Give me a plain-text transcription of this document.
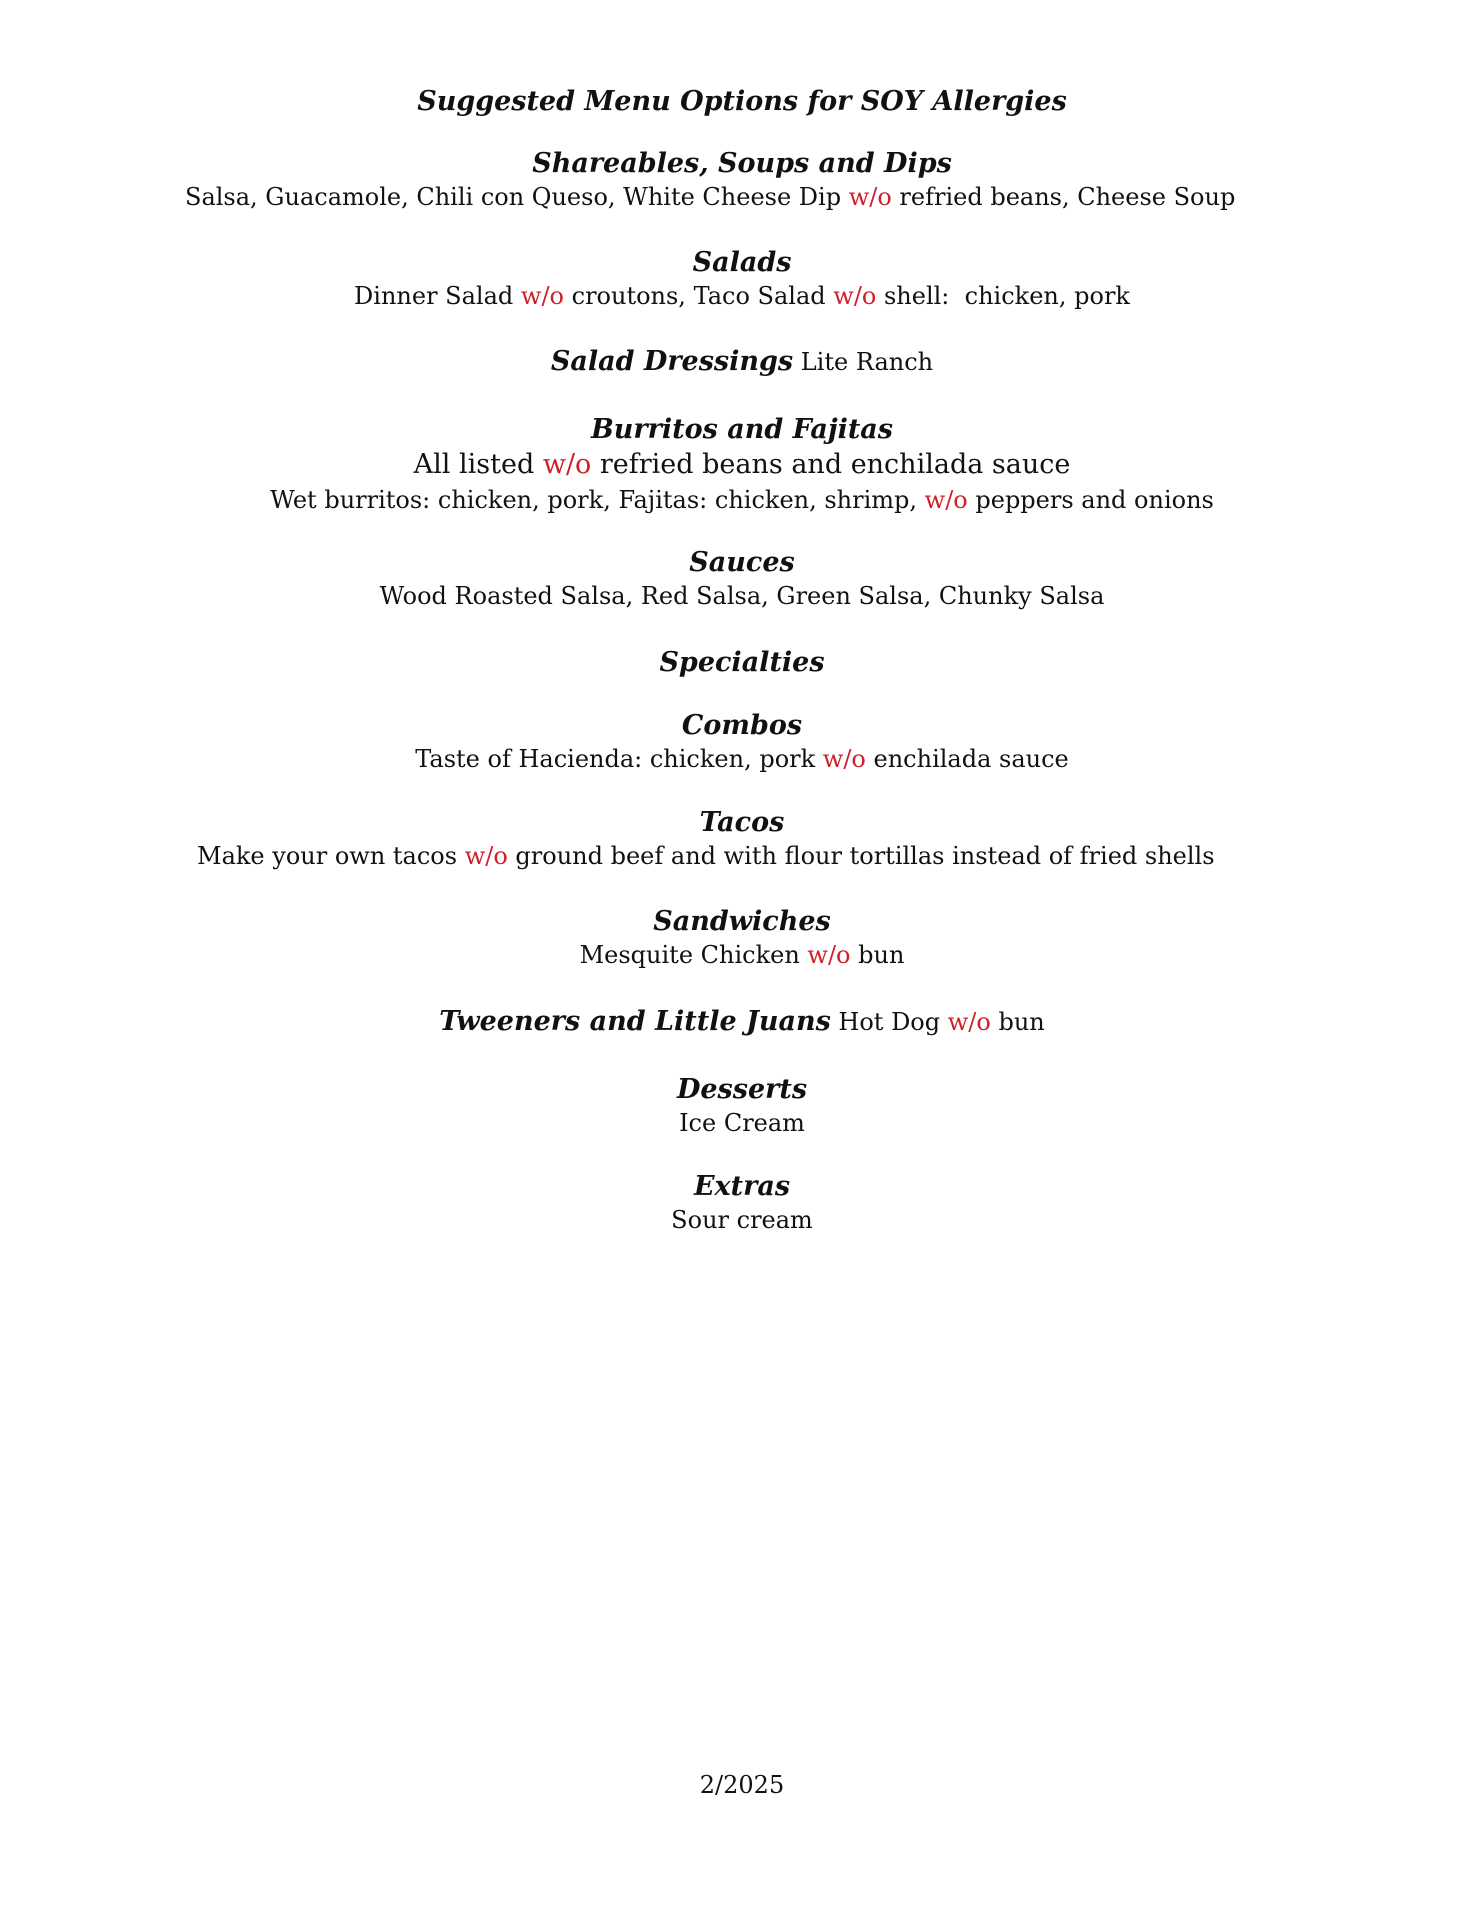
Suggested Menu Options for SOY Allergies
Shareables, Soups and Dips
Salsa, Guacamole, Chili con Queso, White Cheese Dip w/o refried beans, Cheese Soup
Salads
Dinner Salad w/o croutons, Taco Salad w/o shell:  chicken, pork
Salad Dressings Lite Ranch
Burritos and Fajitas
All listed w/o refried beans and enchilada sauce
Wet burritos: chicken, pork, Fajitas: chicken, shrimp, w/o peppers and onions
Sauces
Wood Roasted Salsa, Red Salsa, Green Salsa, Chunky Salsa
Specialties
Combos
Taste of Hacienda: chicken, pork w/o enchilada sauce
Tacos
Make your own tacos w/o ground beef and with flour tortillas instead of fried shells
Sandwiches
Mesquite Chicken w/o bun
Tweeners and Little Juans Hot Dog w/o bun
Desserts
Ice Cream
Extras
Sour cream
2/2025
